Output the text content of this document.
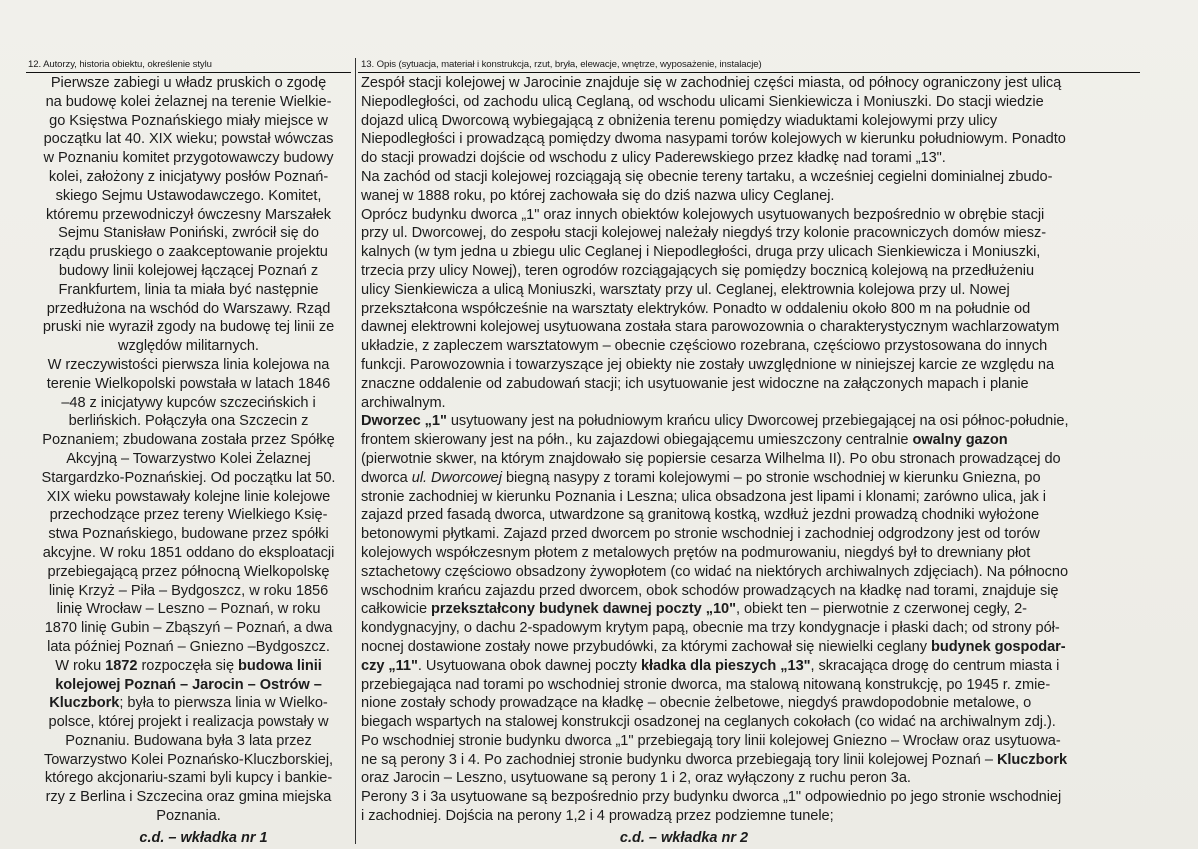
12. Autorzy, historia obiektu, określenie stylu

Pierwsze zabiegi u władz pruskich o zgodę

na budowę kolei żelaznej na terenie Wielkie-

go Księstwa Poznańskiego miały miejsce w

początku lat 40. XIX wieku; powstał wówczas

w Poznaniu komitet przygotowawczy budowy

kolei, założony z inicjatywy posłów Poznań-

skiego Sejmu Ustawodawczego. Komitet,

któremu przewodniczył ówczesny Marszałek

Sejmu Stanisław Poniński, zwrócił się do

rządu pruskiego o zaakceptowanie projektu

budowy linii kolejowej łączącej Poznań z

Frankfurtem, linia ta miała być następnie

przedłużona na wschód do Warszawy. Rząd

pruski nie wyraził zgody na budowę tej linii ze

względów militarnych.

W rzeczywistości pierwsza linia kolejowa na

terenie Wielkopolski powstała w latach 1846

–48 z inicjatywy kupców szczecińskich i

berlińskich. Połączyła ona Szczecin z

Poznaniem; zbudowana została przez Spółkę

Akcyjną – Towarzystwo Kolei Żelaznej

Stargardzko-Poznańskiej. Od początku lat 50.

XIX wieku powstawały kolejne linie kolejowe

przechodzące przez tereny Wielkiego Księ-

stwa Poznańskiego, budowane przez spółki

akcyjne. W roku 1851 oddano do eksploatacji

przebiegającą przez północną Wielkopolskę

linię Krzyż – Piła – Bydgoszcz, w roku 1856

linię Wrocław – Leszno – Poznań, w roku

1870 linię Gubin – Zbąszyń – Poznań, a dwa

lata później Poznań – Gniezno –Bydgoszcz.

W roku 1872 rozpoczęła się budowa linii

kolejowej Poznań – Jarocin – Ostrów –

Kluczbork; była to pierwsza linia w Wielko-

polsce, której projekt i realizacja powstały w

Poznaniu. Budowana była 3 lata przez

Towarzystwo Kolei Poznańsko-Kluczborskiej,

którego akcjonariu-szami byli kupcy i bankie-

rzy z Berlina i Szczecina oraz gmina miejska

Poznania.

c.d. – wkładka nr 1
13. Opis (sytuacja, materiał i konstrukcja, rzut, bryła, elewacje, wnętrze, wyposażenie, instalacje)

Zespół stacji kolejowej w Jarocinie znajduje się w zachodniej części miasta, od północy ograniczony jest ulicą

Niepodległości, od zachodu ulicą Ceglaną, od wschodu ulicami Sienkiewicza i Moniuszki. Do stacji wiedzie

dojazd ulicą Dworcową wybiegającą z obniżenia terenu pomiędzy wiaduktami kolejowymi przy ulicy

Niepodległości i prowadzącą pomiędzy dwoma nasypami torów kolejowych w kierunku południowym. Ponadto

do stacji prowadzi dojście od wschodu z ulicy Paderewskiego przez kładkę nad torami „13".

Na zachód od stacji kolejowej rozciągają się obecnie tereny tartaku, a wcześniej cegielni dominialnej zbudo-

wanej w 1888 roku, po której zachowała się do dziś nazwa ulicy Ceglanej.

Oprócz budynku dworca „1" oraz innych obiektów kolejowych usytuowanych bezpośrednio w obrębie stacji

przy ul. Dworcowej, do zespołu stacji kolejowej należały niegdyś trzy kolonie pracowniczych domów miesz-

kalnych (w tym jedna u zbiegu ulic Ceglanej i Niepodległości, druga przy ulicach Sienkiewicza i Moniuszki,

trzecia przy ulicy Nowej), teren ogrodów rozciągających się pomiędzy bocznicą kolejową na przedłużeniu

ulicy Sienkiewicza a ulicą Moniuszki, warsztaty przy ul. Ceglanej, elektrownia kolejowa przy ul. Nowej

przekształcona współcześnie na warsztaty elektryków. Ponadto w oddaleniu około 800 m na południe od

dawnej elektrowni kolejowej usytuowana została stara parowozownia o charakterystycznym wachlarzowatym

układzie, z zapleczem warsztatowym – obecnie częściowo rozebrana, częściowo przystosowana do innych

funkcji. Parowozownia i towarzyszące jej obiekty nie zostały uwzględnione w niniejszej karcie ze względu na

znaczne oddalenie od zabudowań stacji; ich usytuowanie jest widoczne na załączonych mapach i planie

archiwalnym.

Dworzec „1" usytuowany jest na południowym krańcu ulicy Dworcowej przebiegającej na osi północ-południe,

frontem skierowany jest na półn., ku zajazdowi obiegającemu umieszczony centralnie owalny gazon

(pierwotnie skwer, na którym znajdowało się popiersie cesarza Wilhelma II). Po obu stronach prowadzącej do

dworca ul. Dworcowej biegną nasypy z torami kolejowymi – po stronie wschodniej w kierunku Gniezna, po

stronie zachodniej w kierunku Poznania i Leszna; ulica obsadzona jest lipami i klonami; zarówno ulica, jak i

zajazd przed fasadą dworca, utwardzone są granitową kostką, wzdłuż jezdni prowadzą chodniki wyłożone

betonowymi płytkami. Zajazd przed dworcem po stronie wschodniej i zachodniej odgrodzony jest od torów

kolejowych współczesnym płotem z metalowych prętów na podmurowaniu, niegdyś był to drewniany płot

sztachetowy częściowo obsadzony żywopłotem (co widać na niektórych archiwalnych zdjęciach). Na północno

wschodnim krańcu zajazdu przed dworcem, obok schodów prowadzących na kładkę nad torami, znajduje się

całkowicie przekształcony budynek dawnej poczty „10", obiekt ten – pierwotnie z czerwonej cegły, 2-

kondygnacyjny, o dachu 2-spadowym krytym papą, obecnie ma trzy kondygnacje i płaski dach; od strony pół-

nocnej dostawione zostały nowe przybudówki, za którymi zachował się niewielki ceglany budynek gospodar-

czy „11". Usytuowana obok dawnej poczty kładka dla pieszych „13", skracająca drogę do centrum miasta i

przebiegająca nad torami po wschodniej stronie dworca, ma stalową nitowaną konstrukcję, po 1945 r. zmie-

nione zostały schody prowadzące na kładkę – obecnie żelbetowe, niegdyś prawdopodobnie metalowe, o

biegach wspartych na stalowej konstrukcji osadzonej na ceglanych cokołach (co widać na archiwalnym zdj.).

Po wschodniej stronie budynku dworca „1" przebiegają tory linii kolejowej Gniezno – Wrocław oraz usytuowa-

ne są perony 3 i 4. Po zachodniej stronie budynku dworca przebiegają tory linii kolejowej Poznań – Kluczbork

oraz Jarocin – Leszno, usytuowane są perony 1 i 2, oraz wyłączony z ruchu peron 3a.

Perony 3 i 3a usytuowane są bezpośrednio przy budynku dworca „1" odpowiednio po jego stronie wschodniej

i zachodniej. Dojścia na perony 1,2 i 4 prowadzą przez podziemne tunele;

c.d. – wkładka nr 2
